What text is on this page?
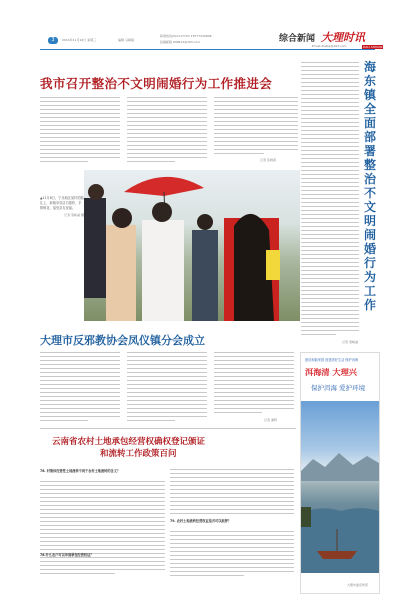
3	2016年11月16日 星期三	编辑 马敏聪
新闻热线(0)2117703 13577230808
投稿邮箱 DWB13@163.com	综合新闻 大理时讯
Email:dlwbq@163.com	DALI SHIXUN
我市召开整治不文明闹婚行为工作推进会
记者 张晓燕
▲11月8日，宁北地区某村的婚礼上，新娘身穿洁白婚纱，手捧鲜花，接受亲友祝福。
记者 蔡映凝 摄
海东镇全面部署整治不文明闹婚行为工作
记者 蔡映凝
大理市反邪教协会凤仪镇分会成立
记者 谢辉
云南省农村土地承包经营权确权登记颁证
和流转工作政策百问
76. 村集体经营性土地流转不同于农村土地流转的含义？
78.什么农户可以申请承包经营权证？
79. 农村土地流转经营权证是否可以抵押？
建设和谐家园 创建美好生活 保护洱海
洱海清 大理兴
保护洱海 爱护环境
大理市委宣传部
